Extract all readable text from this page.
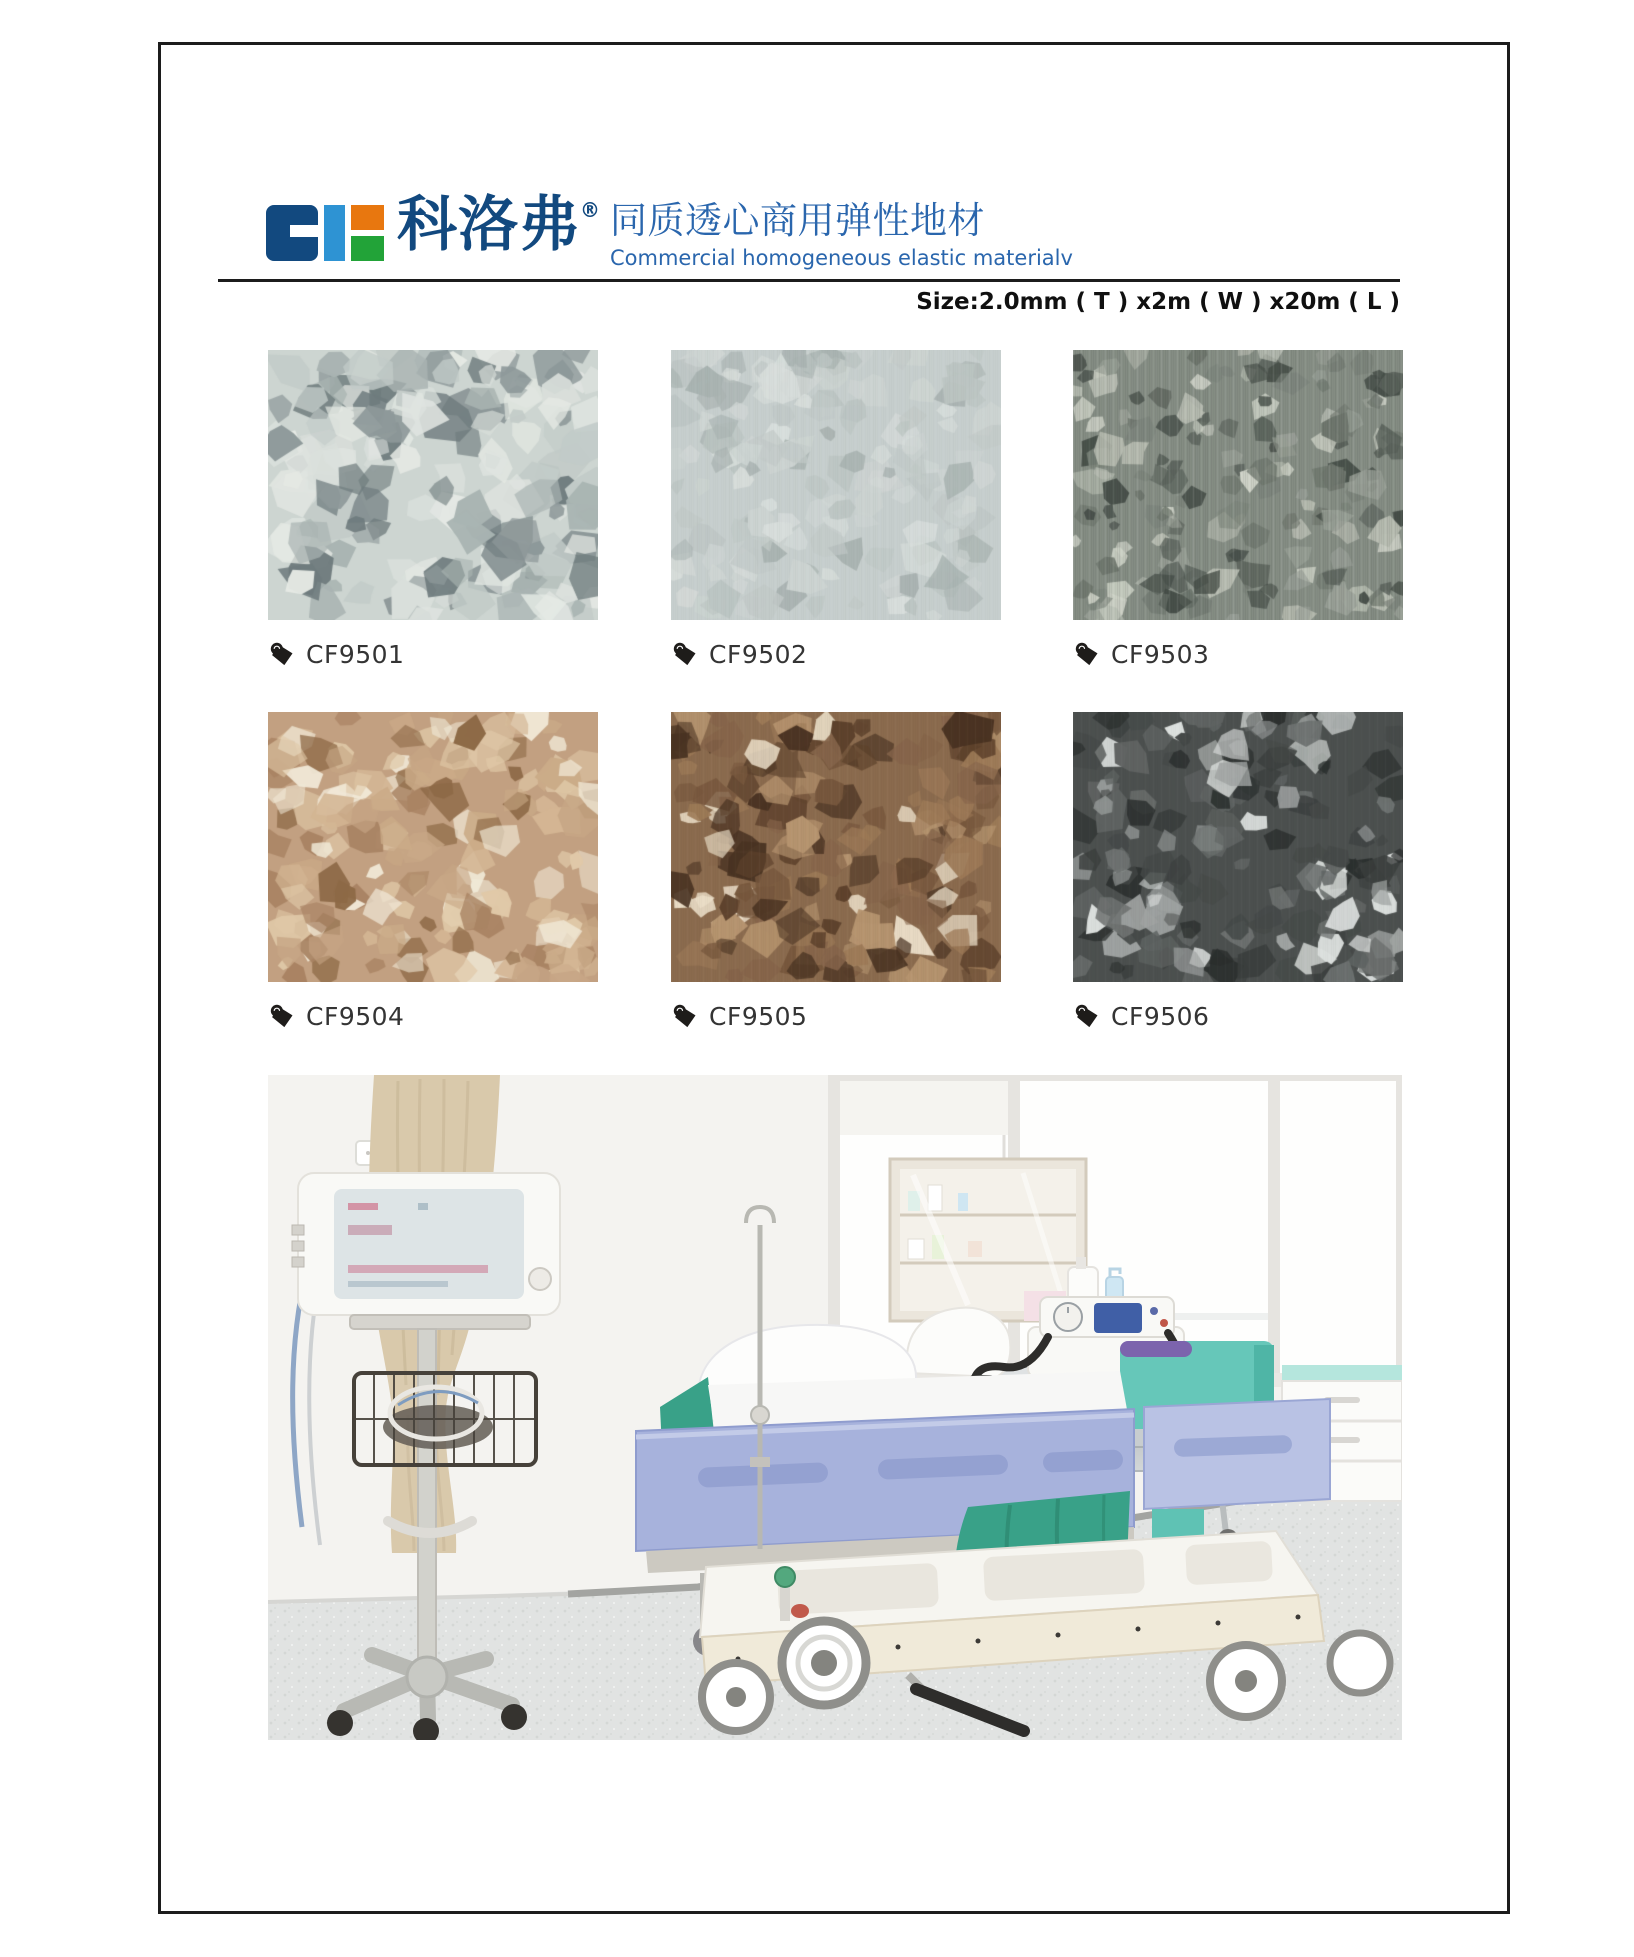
科洛弗® 同质透心商用弹性地材
Commercial homogeneous elastic materialv
Size:2.0mm ( T ) x2m ( W ) x20m ( L )
CF9501	CF9502	CF9503
CF9504	CF9505	CF9506
